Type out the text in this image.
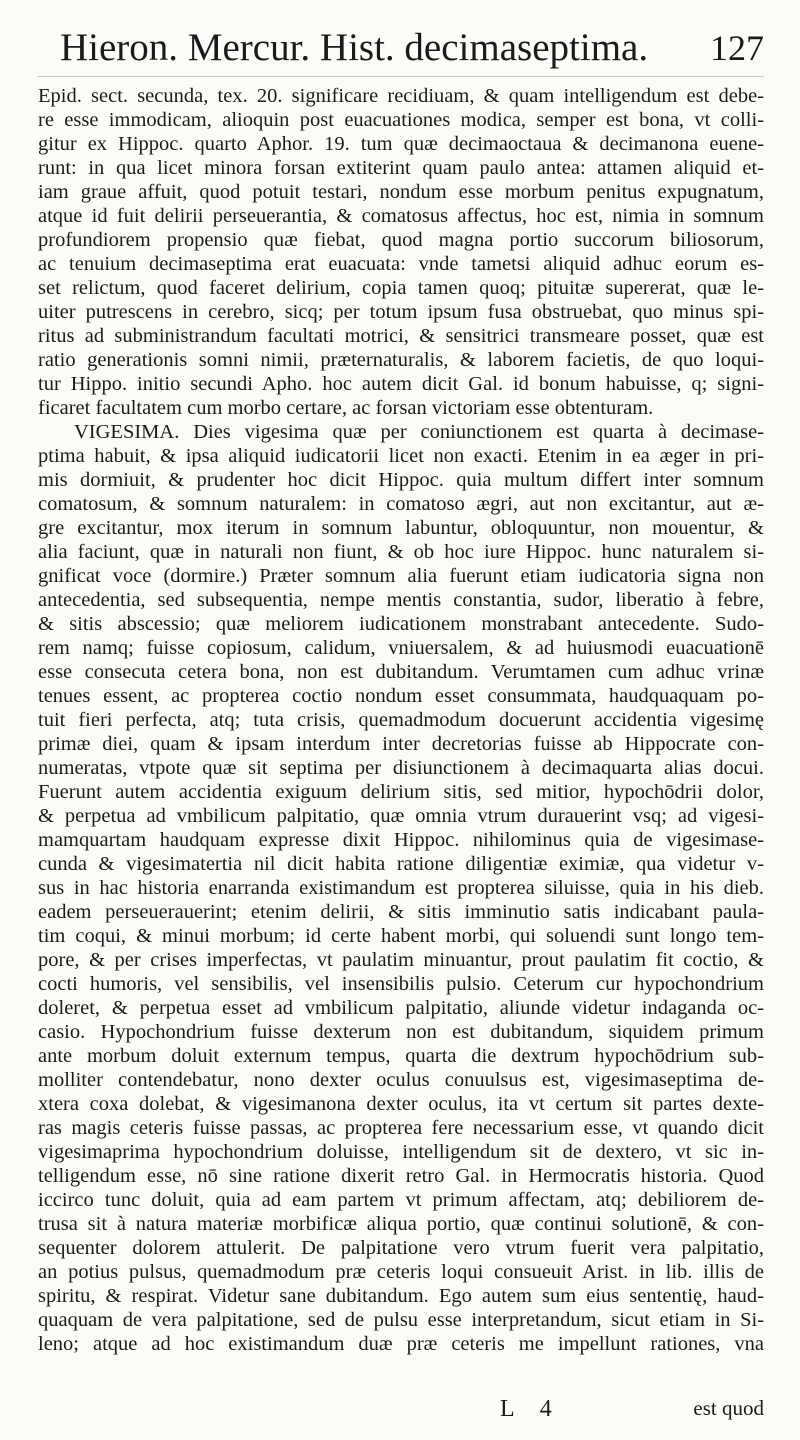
Hieron. Mercur. Hist. decimaseptima. 127
Epid. sect. secunda, tex. 20. significare recidiuam, & quam intelligendum est debe-
re esse immodicam, alioquin post euacuationes modica, semper est bona, vt colli-
gitur ex Hippoc. quarto Aphor. 19. tum quæ decimaoctaua & decimanona euene-
runt: in qua licet minora forsan extiterint quam paulo antea: attamen aliquid et-
iam graue affuit, quod potuit testari, nondum esse morbum penitus expugnatum,
atque id fuit delirii perseuerantia, & comatosus affectus, hoc est, nimia in somnum
profundiorem propensio quæ fiebat, quod magna portio succorum biliosorum,
ac tenuium decimaseptima erat euacuata: vnde tametsi aliquid adhuc eorum es-
set relictum, quod faceret delirium, copia tamen quoq; pituitæ supererat, quæ le-
uiter putrescens in cerebro, sicq; per totum ipsum fusa obstruebat, quo minus spi-
ritus ad subministrandum facultati motrici, & sensitrici transmeare posset, quæ est
ratio generationis somni nimii, præternaturalis, & laborem facietis, de quo loqui-
tur Hippo. initio secundi Apho. hoc autem dicit Gal. id bonum habuisse, q; signi-
ficaret facultatem cum morbo certare, ac forsan victoriam esse obtenturam.
VIGESIMA. Dies vigesima quæ per coniunctionem est quarta à decimase-
ptima habuit, & ipsa aliquid iudicatorii licet non exacti. Etenim in ea æger in pri-
mis dormiuit, & prudenter hoc dicit Hippoc. quia multum differt inter somnum
comatosum, & somnum naturalem: in comatoso ægri, aut non excitantur, aut æ-
gre excitantur, mox iterum in somnum labuntur, obloquuntur, non mouentur, &
alia faciunt, quæ in naturali non fiunt, & ob hoc iure Hippoc. hunc naturalem si-
gnificat voce (dormire.) Præter somnum alia fuerunt etiam iudicatoria signa non
antecedentia, sed subsequentia, nempe mentis constantia, sudor, liberatio à febre,
& sitis abscessio; quæ meliorem iudicationem monstrabant antecedente. Sudo-
rem namq; fuisse copiosum, calidum, vniuersalem, & ad huiusmodi euacuationē
esse consecuta cetera bona, non est dubitandum. Verumtamen cum adhuc vrinæ
tenues essent, ac propterea coctio nondum esset consummata, haudquaquam po-
tuit fieri perfecta, atq; tuta crisis, quemadmodum docuerunt accidentia vigesimę
primæ diei, quam & ipsam interdum inter decretorias fuisse ab Hippocrate con-
numeratas, vtpote quæ sit septima per disiunctionem à decimaquarta alias docui.
Fuerunt autem accidentia exiguum delirium sitis, sed mitior, hypochōdrii dolor,
& perpetua ad vmbilicum palpitatio, quæ omnia vtrum durauerint vsq; ad vigesi-
mamquartam haudquam expresse dixit Hippoc. nihilominus quia de vigesimase-
cunda & vigesimatertia nil dicit habita ratione diligentiæ eximiæ, qua videtur v-
sus in hac historia enarranda existimandum est propterea siluisse, quia in his dieb.
eadem perseuerauerint; etenim delirii, & sitis imminutio satis indicabant paula-
tim coqui, & minui morbum; id certe habent morbi, qui soluendi sunt longo tem-
pore, & per crises imperfectas, vt paulatim minuantur, prout paulatim fit coctio, &
cocti humoris, vel sensibilis, vel insensibilis pulsio. Ceterum cur hypochondrium
doleret, & perpetua esset ad vmbilicum palpitatio, aliunde videtur indaganda oc-
casio. Hypochondrium fuisse dexterum non est dubitandum, siquidem primum
ante morbum doluit externum tempus, quarta die dextrum hypochōdrium sub-
molliter contendebatur, nono dexter oculus conuulsus est, vigesimaseptima de-
xtera coxa dolebat, & vigesimanona dexter oculus, ita vt certum sit partes dexte-
ras magis ceteris fuisse passas, ac propterea fere necessarium esse, vt quando dicit
vigesimaprima hypochondrium doluisse, intelligendum sit de dextero, vt sic in-
telligendum esse, nō sine ratione dixerit retro Gal. in Hermocratis historia. Quod
iccirco tunc doluit, quia ad eam partem vt primum affectam, atq; debiliorem de-
trusa sit à natura materiæ morbificæ aliqua portio, quæ continui solutionē, & con-
sequenter dolorem attulerit. De palpitatione vero vtrum fuerit vera palpitatio,
an potius pulsus, quemadmodum præ ceteris loqui consueuit Arist. in lib. illis de
spiritu, & respirat. Videtur sane dubitandum. Ego autem sum eius sententię, haud-
quaquam de vera palpitatione, sed de pulsu esse interpretandum, sicut etiam in Si-
leno; atque ad hoc existimandum duæ præ ceteris me impellunt rationes, vna
L 4	est quod
